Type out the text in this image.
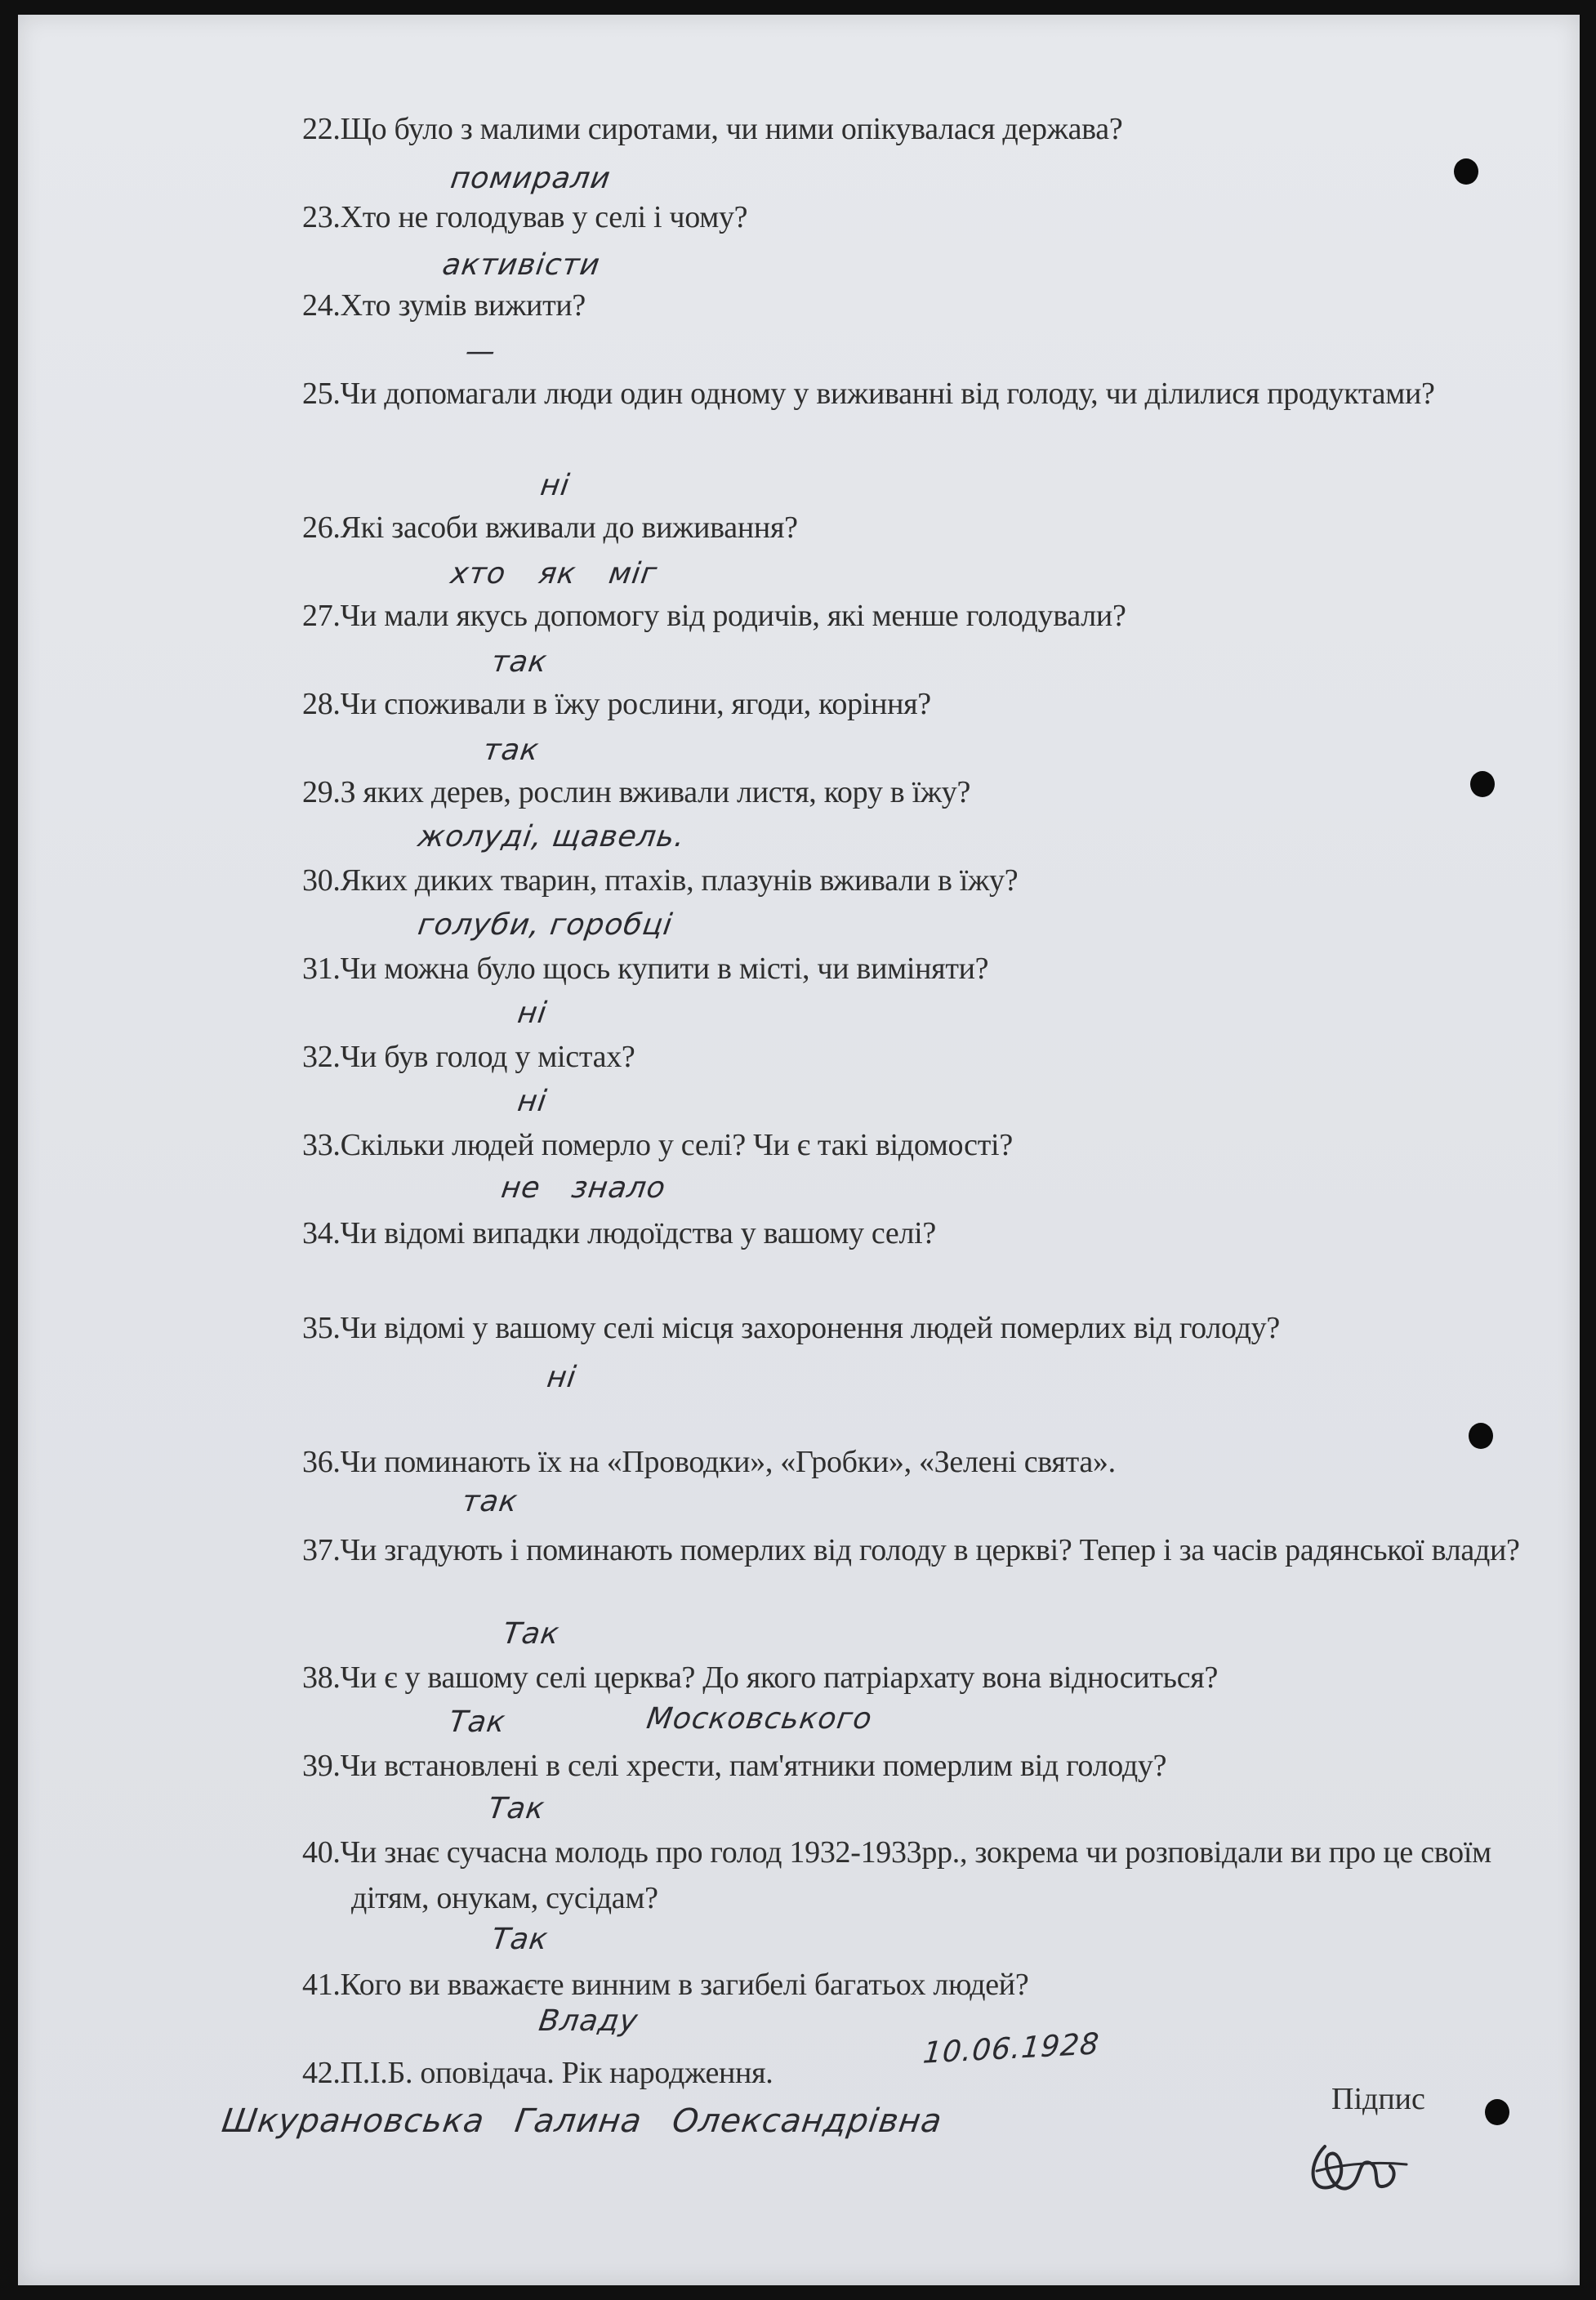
22.Що було з малими сиротами, чи ними опікувалася держава?

23.Хто не голодував у селі і чому?

24.Хто зумів вижити?

25.Чи допомагали люди один одному у виживанні від голоду, чи ділилися продуктами?

26.Які засоби вживали до виживання?

27.Чи мали якусь допомогу від родичів, які менше голодували?

28.Чи споживали в їжу рослини, ягоди, коріння?

29.З яких дерев, рослин вживали листя, кору в їжу?

30.Яких диких тварин, птахів, плазунів вживали в їжу?

31.Чи можна було щось купити в місті, чи виміняти?

32.Чи був голод у містах?

33.Скільки людей померло у селі? Чи є такі відомості?

34.Чи відомі випадки людоїдства у вашому селі?

35.Чи відомі у вашому селі місця захоронення людей померлих від голоду?

36.Чи поминають їх на «Проводки», «Гробки», «Зелені свята».

37.Чи згадують і поминають померлих від голоду в церкві? Тепер і за часів радянської влади?

38.Чи є у вашому селі церква? До якого патріархату вона відноситься?

39.Чи встановлені в селі хрести, пам'ятники померлим від голоду?

40.Чи знає сучасна молодь про голод 1932-1933рр., зокрема чи розповідали ви про це своїм дітям, онукам, сусідам?

41.Кого ви вважаєте винним в загибелі багатьох людей?

42.П.І.Б. оповідача. Рік народження.

помирали
активісти
—
ні
хто як міг
так
так
жолуді, щавель.
голуби, горобці
ні
ні
не знало
ні
так
Так
Так	Московського
Так
Так
Владу
10.06.1928
Шкурановська Галина Олександрівна
Підпис
